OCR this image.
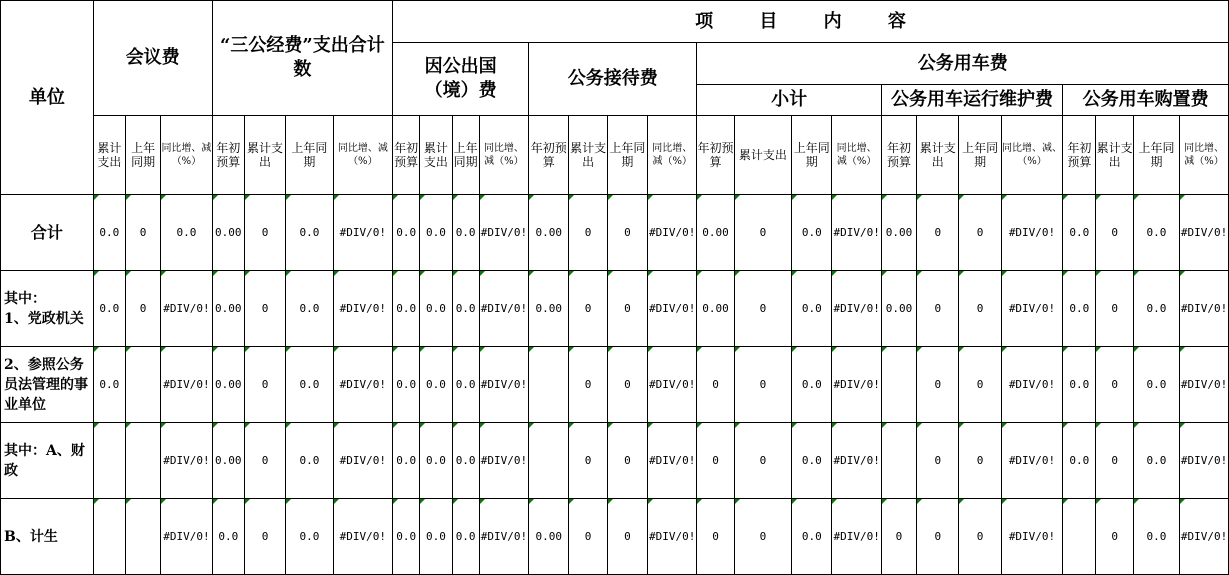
单位	会议费			“三公经费”支出合计数				项 目 内 容																			
								因公出国（境）费				公务接待费				公务用车费											
																小计				公务用车运行维护费				公务用车购置费			
	累计支出	上年同期	同比增、减（%）	年初预算	累计支出	上年同期	同比增、减（%）	年初预算	累计支出	上年同期	同比增、减（%）	年初预算	累计支出	上年同期	同比增、减（%）	年初预算	累计支出	上年同期	同比增、减（%）	年初预算	累计支出	上年同期	同比增、减、（%）	年初预算	累计支出	上年同期	同比增、减（%）
合计	0.0	0	0.0	0.00	0	0.0	#DIV/0!	0.0	0.0	0.0	#DIV/0!	0.00	0	0	#DIV/0!	0.00	0	0.0	#DIV/0!	0.00	0	0	#DIV/0!	0.0	0	0.0	#DIV/0!
其中：
1、党政机关	0.0	0	#DIV/0!	0.00	0	0.0	#DIV/0!	0.0	0.0	0.0	#DIV/0!	0.00	0	0	#DIV/0!	0.00	0	0.0	#DIV/0!	0.00	0	0	#DIV/0!	0.0	0	0.0	#DIV/0!
2、参照公务员法管理的事业单位	0.0		#DIV/0!	0.00	0	0.0	#DIV/0!	0.0	0.0	0.0	#DIV/0!		0	0	#DIV/0!	0	0	0.0	#DIV/0!		0	0	#DIV/0!	0.0	0	0.0	#DIV/0!
其中：A、财政			#DIV/0!	0.00	0	0.0	#DIV/0!	0.0	0.0	0.0	#DIV/0!		0	0	#DIV/0!	0	0	0.0	#DIV/0!		0	0	#DIV/0!	0.0	0	0.0	#DIV/0!
B、计生			#DIV/0!	0.0	0	0.0	#DIV/0!	0.0	0.0	0.0	#DIV/0!	0.00	0	0	#DIV/0!	0	0	0.0	#DIV/0!	0	0	0	#DIV/0!		0	0.0	#DIV/0!
